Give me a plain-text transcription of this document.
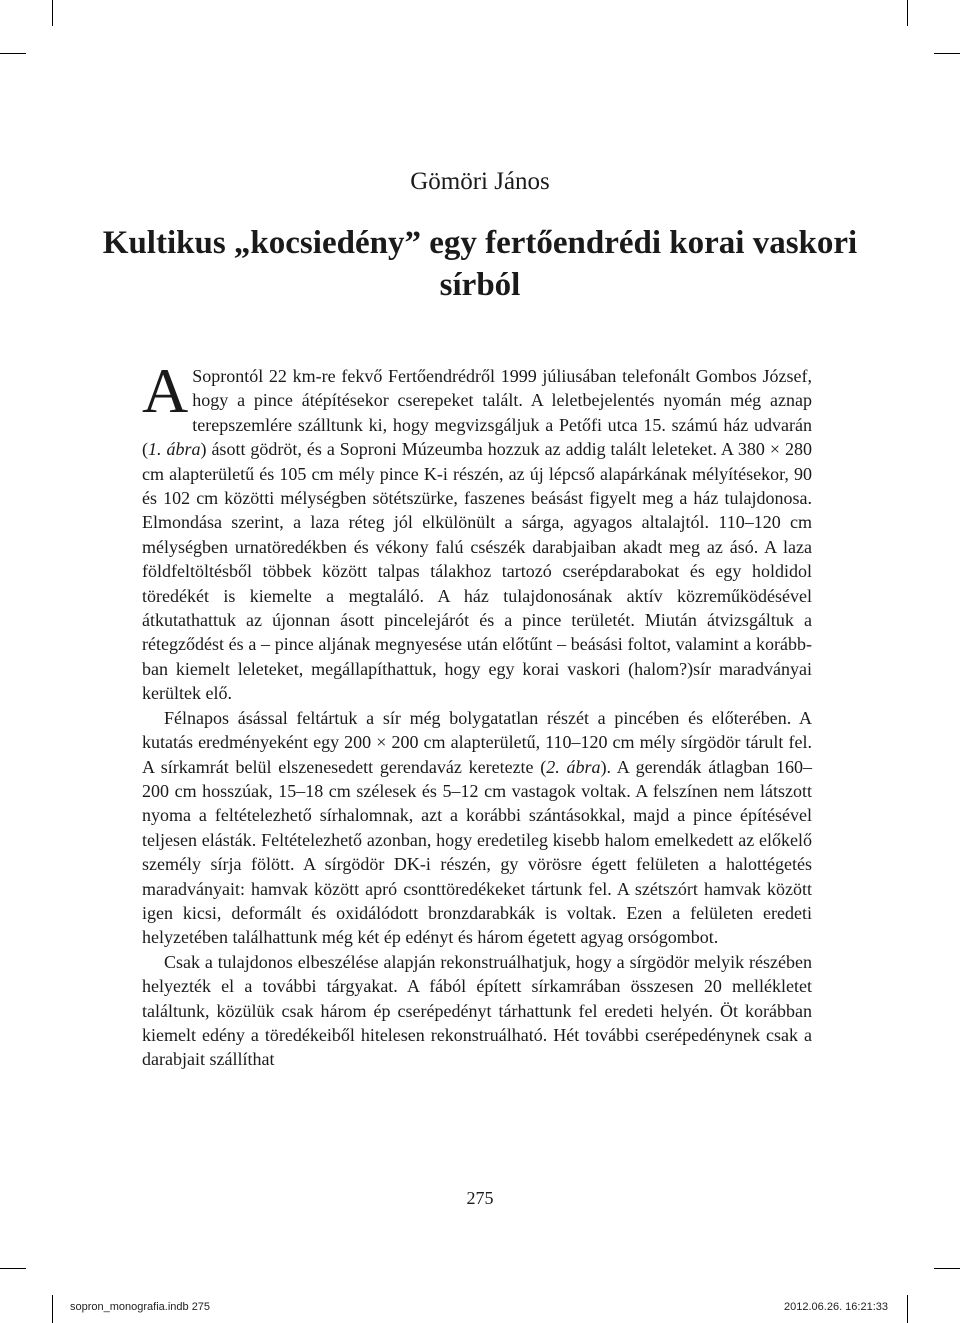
Gömöri János
Kultikus „kocsiedény” egy fertőendrédi korai vaskori sírból

A Soprontól 22 km-re fekvő Fertőendrédről 1999 júliusában telefonált Gombos József, hogy a pince átépítésekor cserepeket talált. A leletbejelentés nyomán még aznap terepszemlére szálltunk ki, hogy megvizsgáljuk a Petőfi utca 15. számú ház udvarán (1. ábra) ásott gödröt, és a Soproni Múzeumba hozzuk az addig talált leleteket. A 380 × 280 cm alapterületű és 105 cm mély pince K-i részén, az új lépcső alapárkának mélyítésekor, 90 és 102 cm közötti mélységben sötétszürke, faszenes beásást figyelt meg a ház tulajdonosa. Elmondása szerint, a laza réteg jól elkülönült a sárga, agyagos altalajtól. 110–120 cm mélységben urnatöredékben és vékony falú csészék darabjaiban akadt meg az ásó. A laza földfeltöltésből többek között talpas tálakhoz tartozó cserépdarabokat és egy holdidol töredékét is kiemelte a megtaláló. A ház tulajdonosának aktív közreműködésével átkutathattuk az újonnan ásott pincelejárót és a pince területét. Miután átvizsgáltuk a rétegződést és a – pince aljának megnyesése után előtűnt – beásási foltot, valamint a korábbban kiemelt leleteket, megállapíthattuk, hogy egy korai vaskori (halom?)sír maradványai kerültek elő.

Félnapos ásással feltártuk a sír még bolygatatlan részét a pincében és előterében. A kutatás eredményeként egy 200 × 200 cm alapterületű, 110–120 cm mély sírgödör tárult fel. A sírkamrát belül elszenesedett gerendaváz keretezte (2. ábra). A gerendák átlagban 160–200 cm hosszúak, 15–18 cm szélesek és 5–12 cm vastagok voltak. A felszínen nem látszott nyoma a feltételezhető sírhalomnak, azt a korábbi szántásokkal, majd a pince építésével teljesen elásták. Feltételezhető azonban, hogy eredetileg kisebb halom emelkedett az előkelő személy sírja fölött. A sírgödör DK-i részén, gy vörösre égett felületen a halottégetés maradványait: hamvak között apró csonttöredékeket tártunk fel. A szétszórt hamvak között igen kicsi, deformált és oxidálódott bronzdarabkák is voltak. Ezen a felületen eredeti helyzetében találhattunk még két ép edényt és három égetett agyag orsógombot.

Csak a tulajdonos elbeszélése alapján rekonstruálhatjuk, hogy a sírgödör melyik részében helyezték el a további tárgyakat. A fából épített sírkamrában összesen 20 mellékletet találtunk, közülük csak három ép cserépedényt tárhattunk fel eredeti helyén. Öt korábban kiemelt edény a töredékeiből hitelesen rekonstruálható. Hét további cserépedénynek csak a darabjait szállíthat

275
sopron_monografia.indb 275	2012.06.26. 16:21:33
